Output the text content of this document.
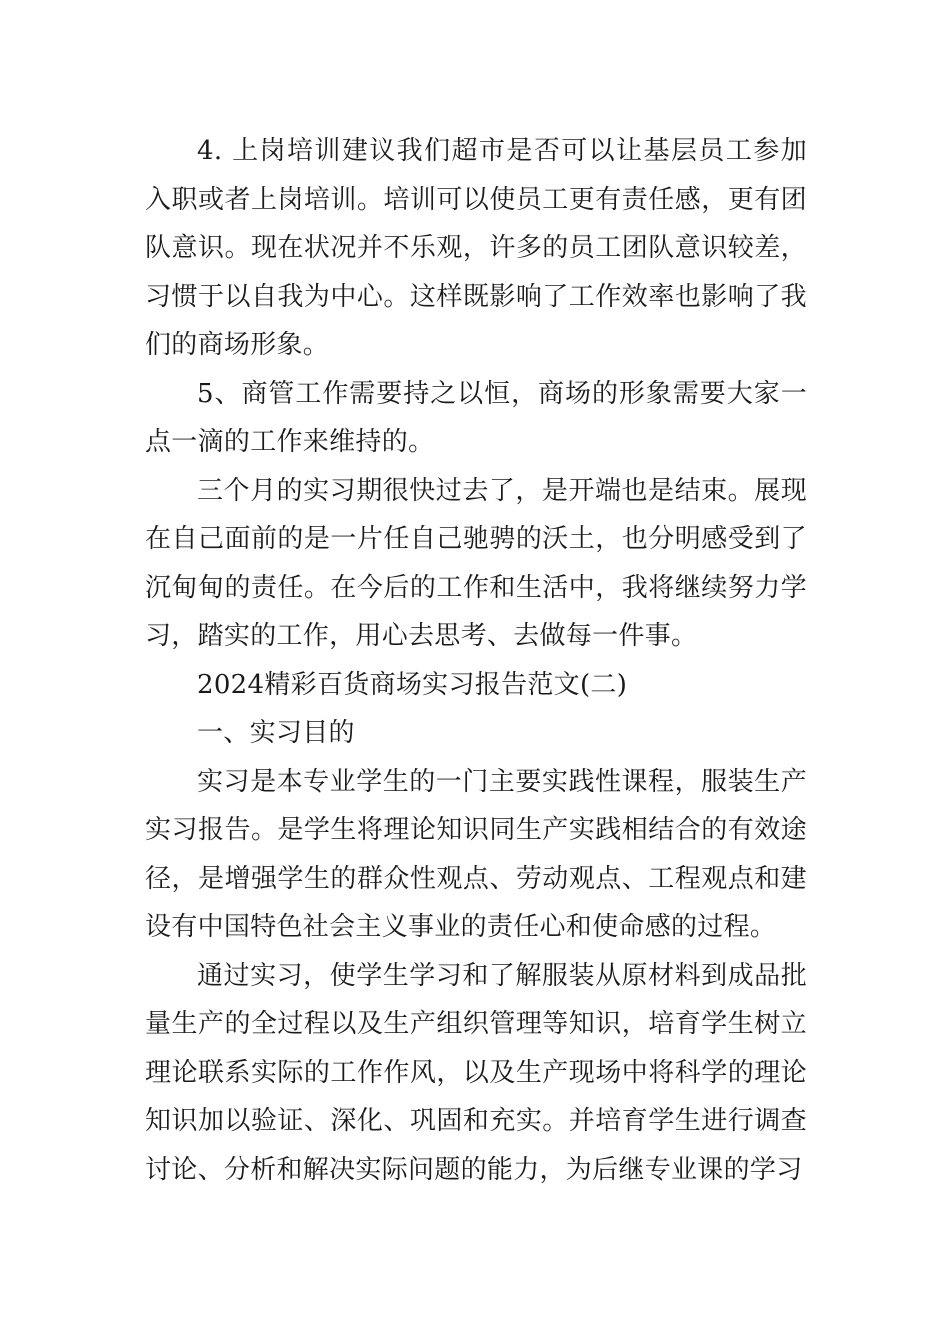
4. 上岗培训建议我们超市是否可以让基层员工参加入职或者上岗培训。培训可以使员工更有责任感，更有团队意识。现在状况并不乐观，许多的员工团队意识较差，习惯于以自我为中心。这样既影响了工作效率也影响了我们的商场形象。

5、商管工作需要持之以恒，商场的形象需要大家一点一滴的工作来维持的。

三个月的实习期很快过去了，是开端也是结束。展现在自己面前的是一片任自己驰骋的沃土，也分明感受到了沉甸甸的责任。在今后的工作和生活中，我将继续努力学习，踏实的工作，用心去思考、去做每一件事。

2024精彩百货商场实习报告范文(二)

一、实习目的

实习是本专业学生的一门主要实践性课程，服装生产实习报告。是学生将理论知识同生产实践相结合的有效途径，是增强学生的群众性观点、劳动观点、工程观点和建设有中国特色社会主义事业的责任心和使命感的过程。

通过实习，使学生学习和了解服装从原材料到成品批量生产的全过程以及生产组织管理等知识，培育学生树立理论联系实际的工作作风，以及生产现场中将科学的理论知识加以验证、深化、巩固和充实。并培育学生进行调查讨论、分析和解决实际问题的能力，为后继专业课的学习
